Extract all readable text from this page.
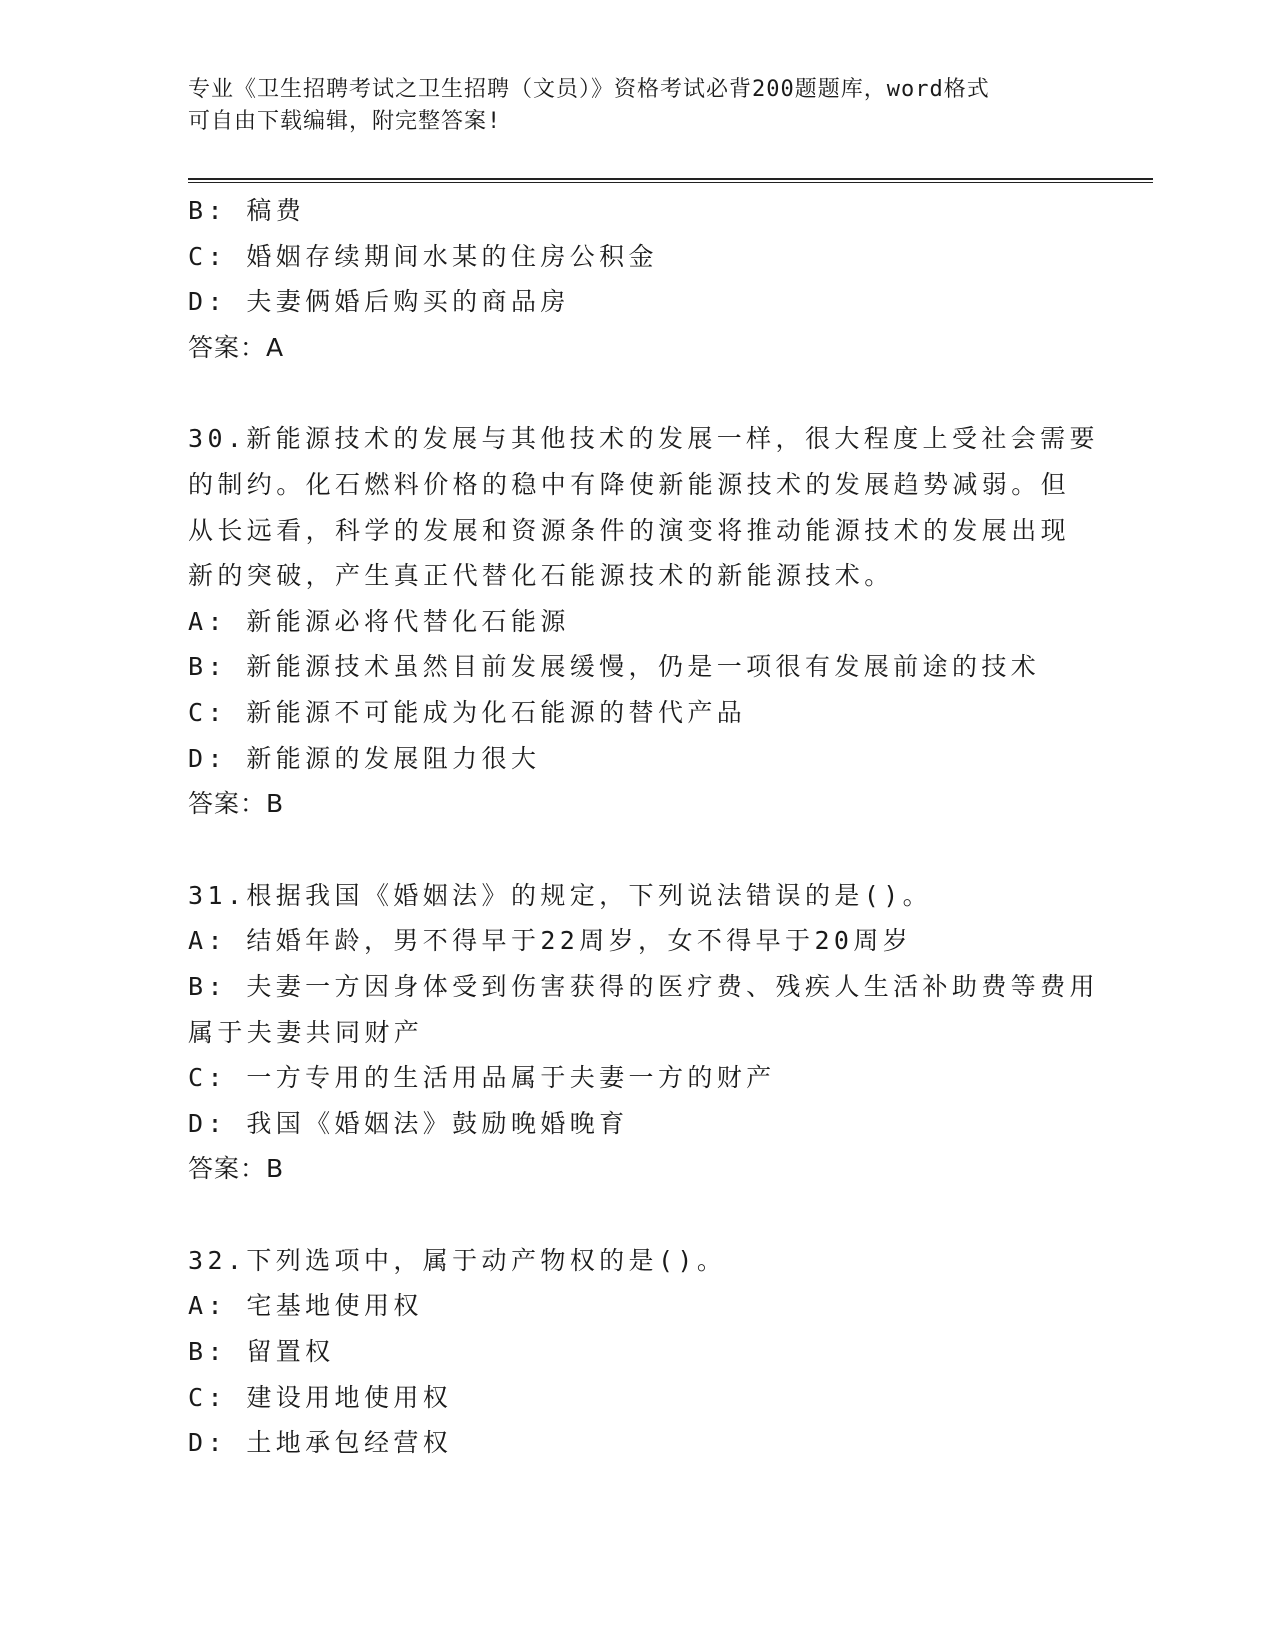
专业《卫生招聘考试之卫生招聘（文员）》资格考试必背200题题库，word格式
可自由下载编辑，附完整答案!
B: 稿费
C: 婚姻存续期间水某的住房公积金
D: 夫妻俩婚后购买的商品房
答案：A
30.新能源技术的发展与其他技术的发展一样，很大程度上受社会需要
的制约。化石燃料价格的稳中有降使新能源技术的发展趋势减弱。但
从长远看，科学的发展和资源条件的演变将推动能源技术的发展出现
新的突破，产生真正代替化石能源技术的新能源技术。
A: 新能源必将代替化石能源
B: 新能源技术虽然目前发展缓慢，仍是一项很有发展前途的技术
C: 新能源不可能成为化石能源的替代产品
D: 新能源的发展阻力很大
答案：B
31.根据我国《婚姻法》的规定，下列说法错误的是()。
A: 结婚年龄，男不得早于22周岁，女不得早于20周岁
B: 夫妻一方因身体受到伤害获得的医疗费、残疾人生活补助费等费用
属于夫妻共同财产
C: 一方专用的生活用品属于夫妻一方的财产
D: 我国《婚姻法》鼓励晚婚晚育
答案：B
32.下列选项中，属于动产物权的是()。
A: 宅基地使用权
B: 留置权
C: 建设用地使用权
D: 土地承包经营权
